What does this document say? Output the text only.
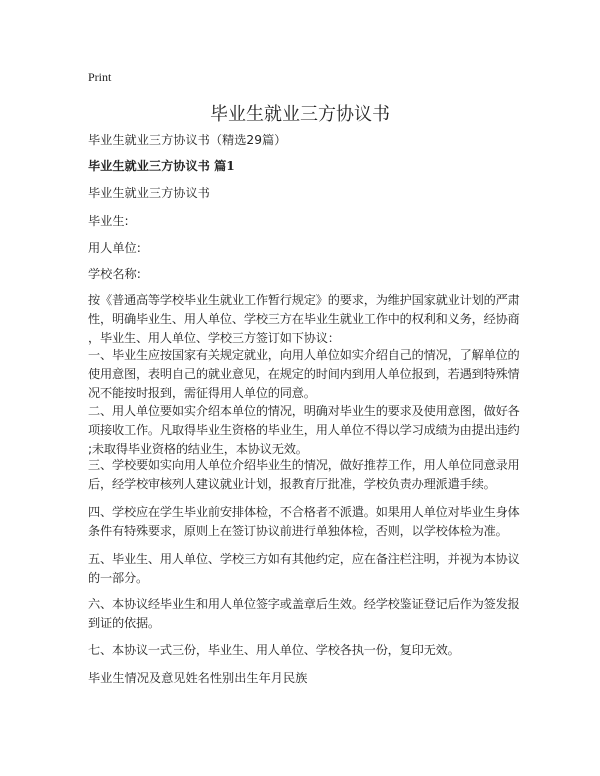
Print
毕业生就业三方协议书
毕业生就业三方协议书（精选29篇）
毕业生就业三方协议书 篇1
毕业生就业三方协议书
毕业生:
用人单位:
学校名称:
按《普通高等学校毕业生就业工作暂行规定》的要求，为维护国家就业计划的严肃
性，明确毕业生、用人单位、学校三方在毕业生就业工作中的权利和义务，经协商
，毕业生、用人单位、学校三方签订如下协议：
一、毕业生应按国家有关规定就业，向用人单位如实介绍自己的情况，了解单位的
使用意图，表明自己的就业意见，在规定的时间内到用人单位报到，若遇到特殊情
况不能按时报到，需征得用人单位的同意。
二、用人单位要如实介绍本单位的情况，明确对毕业生的要求及使用意图，做好各
项接收工作。凡取得毕业生资格的毕业生，用人单位不得以学习成绩为由提出违约
;未取得毕业资格的结业生，本协议无效。
三、学校要如实向用人单位介绍毕业生的情况，做好推荐工作，用人单位同意录用
后，经学校审核列人建议就业计划，报教育厅批准，学校负责办理派遣手续。
四、学校应在学生毕业前安排体检，不合格者不派遣。如果用人单位对毕业生身体
条件有特殊要求，原则上在签订协议前进行单独体检，否则，以学校体检为准。
五、毕业生、用人单位、学校三方如有其他约定，应在备注栏注明，并视为本协议
的一部分。
六、本协议经毕业生和用人单位签字或盖章后生效。经学校鉴证登记后作为签发报
到证的依据。
七、本协议一式三份，毕业生、用人单位、学校各执一份，复印无效。
毕业生情况及意见姓名性别出生年月民族
